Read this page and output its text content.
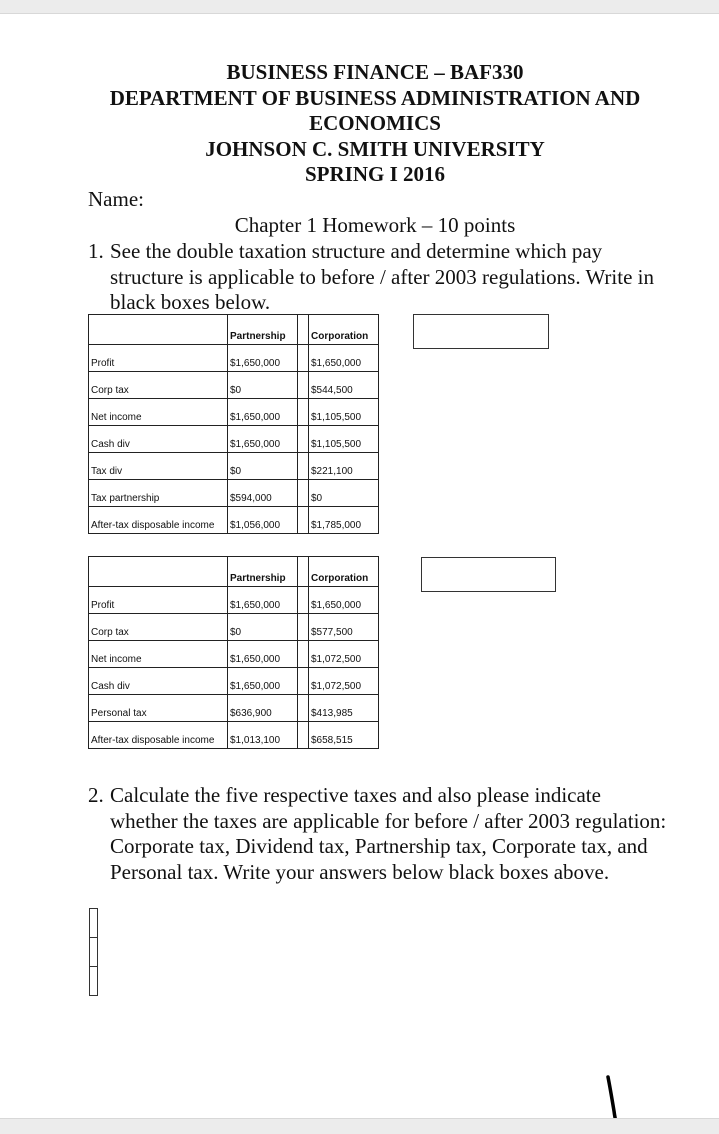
BUSINESS FINANCE – BAF330
DEPARTMENT OF BUSINESS ADMINISTRATION AND
ECONOMICS
JOHNSON C. SMITH UNIVERSITY
SPRING I 2016
Name:
Chapter 1 Homework – 10 points
1. See the double taxation structure and determine which pay structure is applicable to before / after 2003 regulations. Write in black boxes below.
	Partnership		Corporation
Profit	$1,650,000		$1,650,000
Corp tax	$0		$544,500
Net income	$1,650,000		$1,105,500
Cash div	$1,650,000		$1,105,500
Tax div	$0		$221,100
Tax partnership	$594,000		$0
After-tax disposable income	$1,056,000		$1,785,000
	Partnership		Corporation
Profit	$1,650,000		$1,650,000
Corp tax	$0		$577,500
Net income	$1,650,000		$1,072,500
Cash div	$1,650,000		$1,072,500
Personal tax	$636,900		$413,985
After-tax disposable income	$1,013,100		$658,515
2. Calculate the five respective taxes and also please indicate whether the taxes are applicable for before / after 2003 regulation: Corporate tax, Dividend tax, Partnership tax, Corporate tax, and Personal tax. Write your answers below black boxes above.
